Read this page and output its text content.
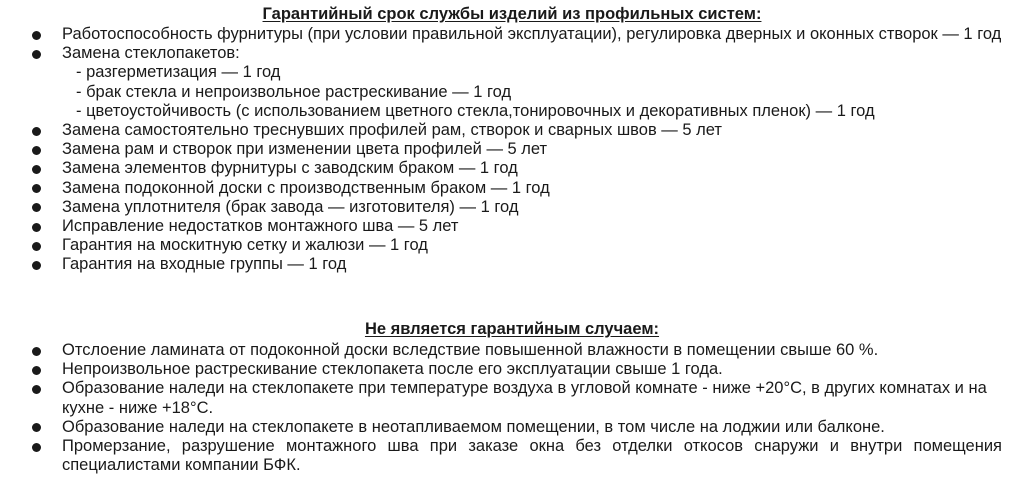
Гарантийный срок службы изделий из профильных систем:
Работоспособность фурнитуры (при условии правильной эксплуатации), регулировка дверных и оконных створок — 1 год
Замена стеклопакетов:
- разгерметизация — 1 год
- брак стекла и непроизвольное растрескивание — 1 год
- цветоустойчивость (с использованием цветного стекла,тонировочных и декоративных пленок) — 1 год
Замена самостоятельно треснувших профилей рам, створок и сварных швов — 5 лет
Замена рам и створок при изменении цвета профилей — 5 лет
Замена элементов фурнитуры с заводским браком — 1 год
Замена подоконной доски с производственным браком — 1 год
Замена уплотнителя (брак завода — изготовителя) — 1 год
Исправление недостатков монтажного шва — 5 лет
Гарантия на москитную сетку и жалюзи — 1 год
Гарантия на входные группы — 1 год
Не является гарантийным случаем:
Отслоение ламината от подоконной доски вследствие повышенной влажности в помещении свыше 60 %.
Непроизвольное растрескивание стеклопакета после его эксплуатации свыше 1 года.
Образование наледи на стеклопакете при температуре воздуха в угловой комнате - ниже +20°С, в других комнатах и на кухне - ниже +18°С.
Образование наледи на стеклопакете в неотапливаемом помещении, в том числе на лоджии или балконе.
Промерзание, разрушение монтажного шва при заказе окна без отделки откосов снаружи и внутри помещения специалистами компании БФК.
